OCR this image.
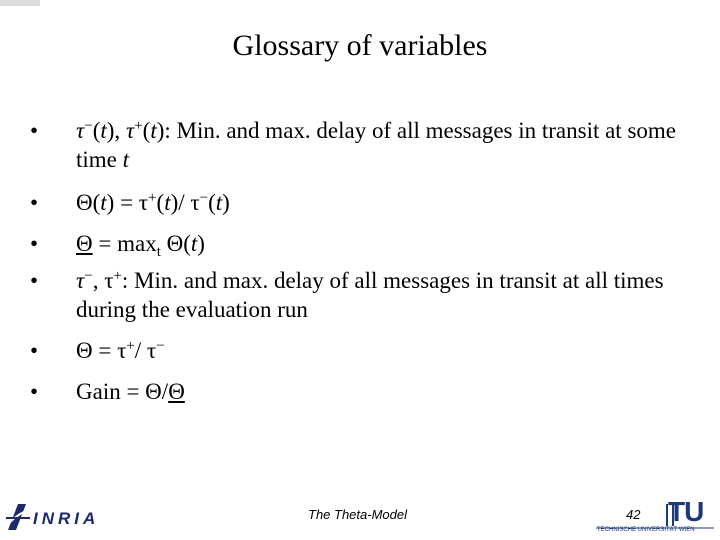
Glossary of variables
•	τ−(t), τ+(t): Min. and max. delay of all messages in transit at some time t
•	Θ(t) = τ+(t)/ τ−(t)
•	$\Theta = \max_t \Theta(t)$
•	τ−, τ+: Min. and max. delay of all messages in transit at all times during the evaluation run
•	Θ = τ+/ τ−
•	Gain = Θ/Θ
INRIA	The Theta-Model	42 TU
TECHNISCHE UNIVERSITÄT WIEN
